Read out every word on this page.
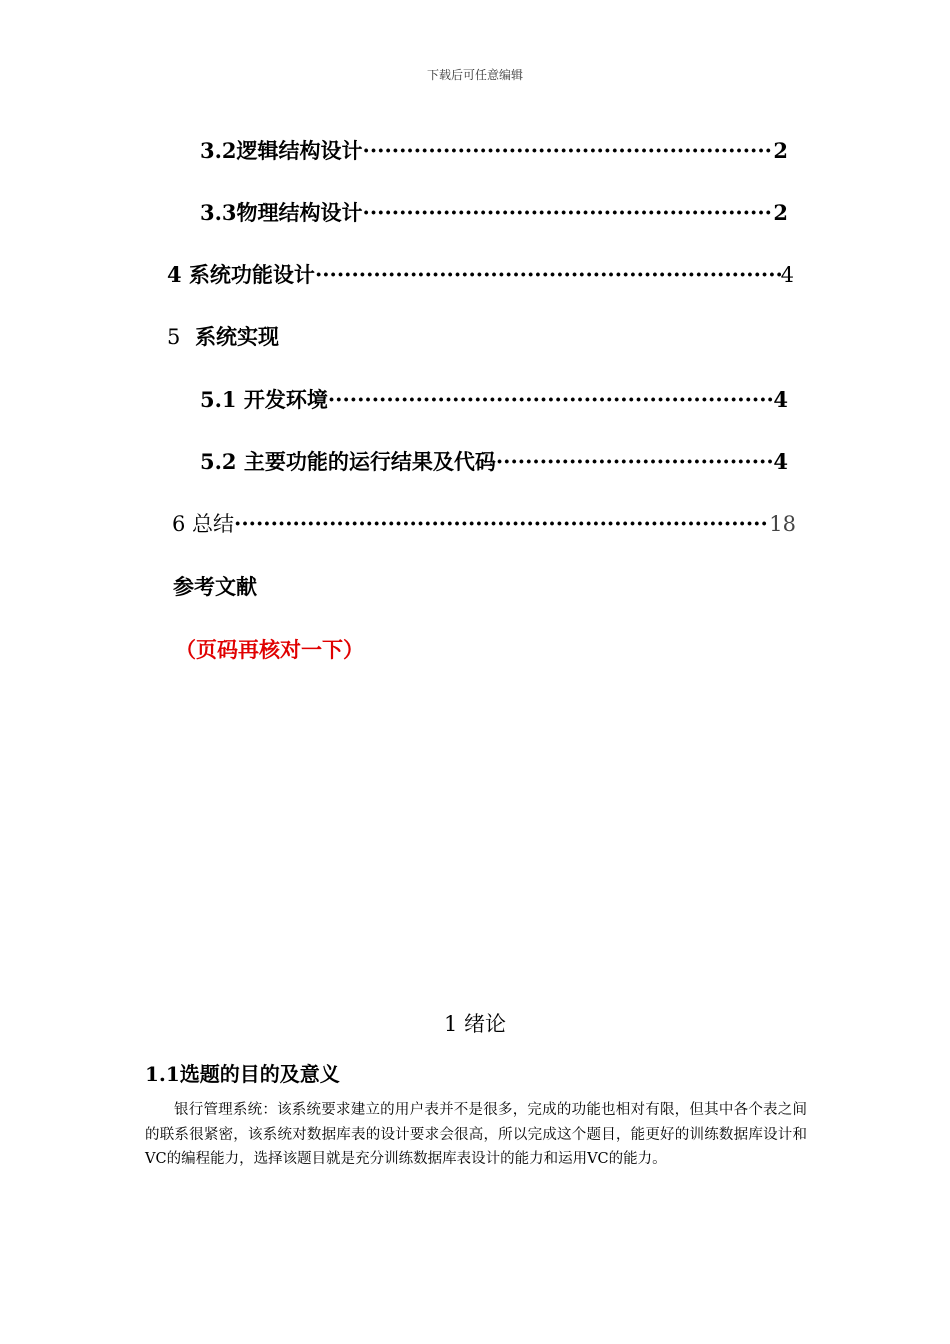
下载后可任意编辑
3.2逻辑结构设计 ·····	2
3.3物理结构设计 ·····	2
4 系统功能设计 ·····	4
5 系统实现
5.1 开发环境 ·····	4
5.2 主要功能的运行结果及代码 ·····	4
6 总结 ·····	18
参考文献
（页码再核对一下）
1 绪论
1.1选题的目的及意义
银行管理系统：该系统要求建立的用户表并不是很多，完成的功能也相对有限，但其中各个表之间的联系很紧密，该系统对数据库表的设计要求会很高，所以完成这个题目，能更好的训练数据库设计和VC的编程能力，选择该题目就是充分训练数据库表设计的能力和运用VC的能力。
